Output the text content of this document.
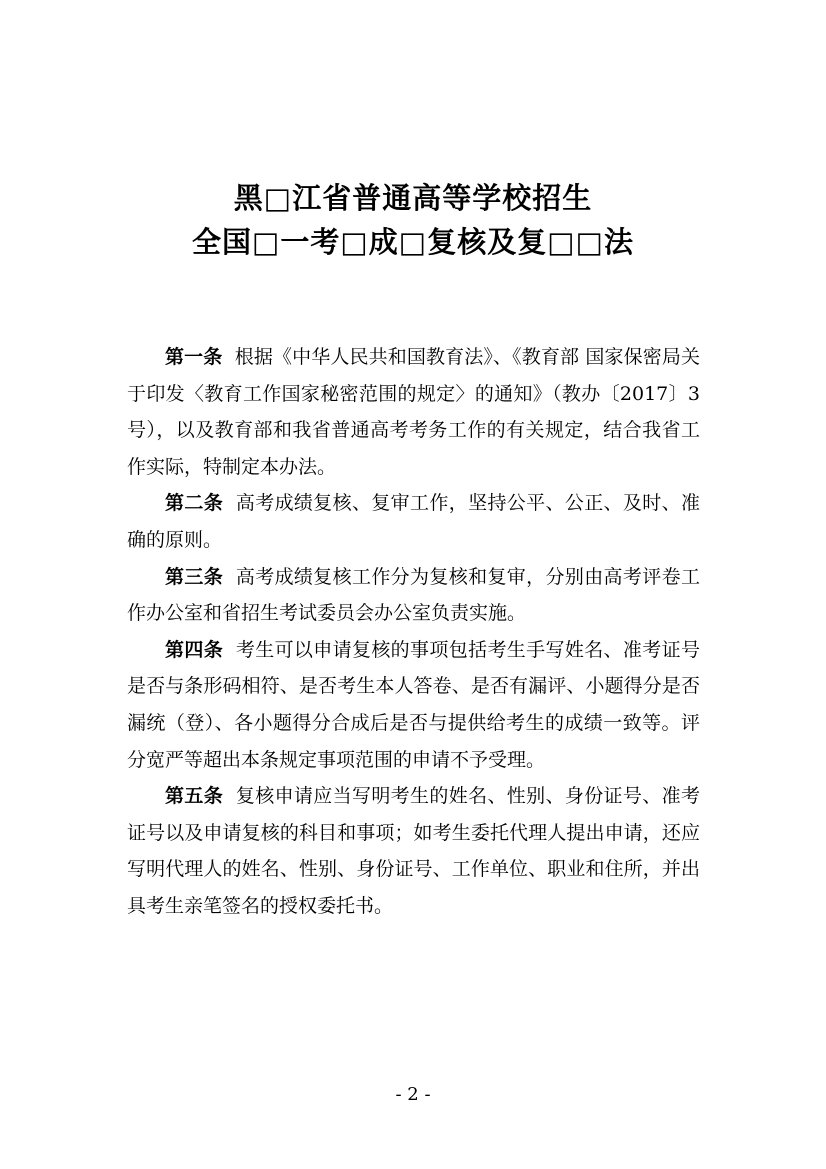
黑□江省普通高等学校招生
全国□一考□成□复核及复□□法

第一条 根据《中华人民共和国教育法》、《教育部 国家保密局关于印发〈教育工作国家秘密范围的规定〉的通知》（教办〔2017〕3号），以及教育部和我省普通高考考务工作的有关规定，结合我省工作实际，特制定本办法。

第二条 高考成绩复核、复审工作，坚持公平、公正、及时、准确的原则。

第三条 高考成绩复核工作分为复核和复审，分别由高考评卷工作办公室和省招生考试委员会办公室负责实施。

第四条 考生可以申请复核的事项包括考生手写姓名、准考证号是否与条形码相符、是否考生本人答卷、是否有漏评、小题得分是否漏统（登）、各小题得分合成后是否与提供给考生的成绩一致等。评分宽严等超出本条规定事项范围的申请不予受理。

第五条 复核申请应当写明考生的姓名、性别、身份证号、准考证号以及申请复核的科目和事项；如考生委托代理人提出申请，还应写明代理人的姓名、性别、身份证号、工作单位、职业和住所，并出具考生亲笔签名的授权委托书。

- 2 -
